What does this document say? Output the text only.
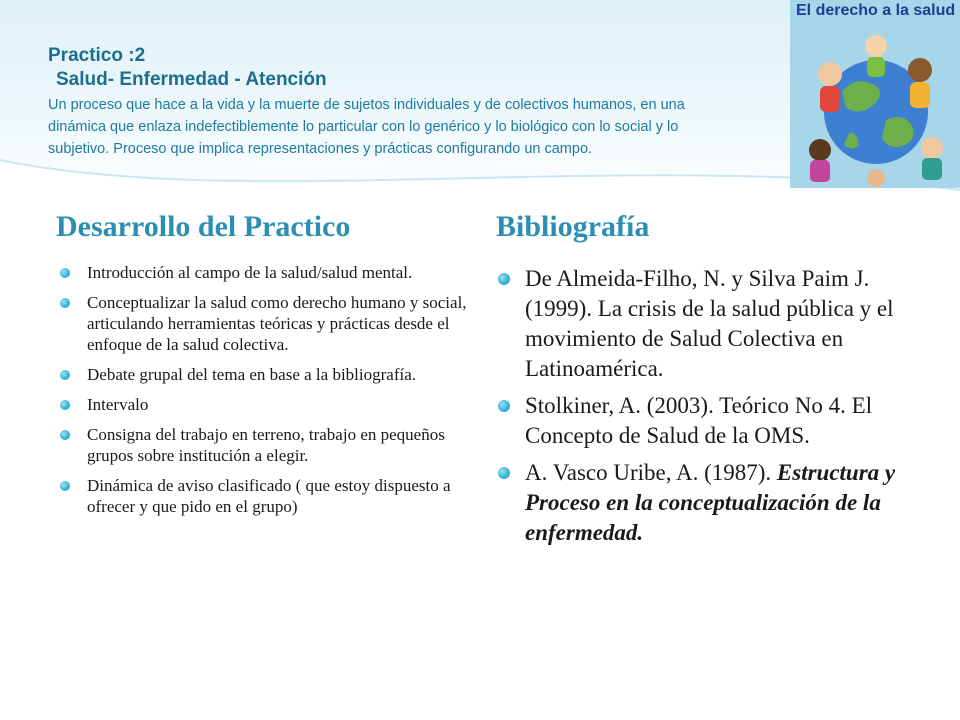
Practico :2
Salud- Enfermedad - Atención
Un proceso que hace a la vida y la muerte de sujetos individuales y de colectivos humanos, en una dinámica que enlaza indefectiblemente lo particular con lo genérico y lo biológico con lo social y lo subjetivo. Proceso que implica representaciones y prácticas configurando un campo.
El derecho a la salud
Desarrollo del Practico	Bibliografía
Introducción al campo de la salud/salud mental.
Conceptualizar la salud como derecho humano y social, articulando herramientas teóricas y prácticas desde el enfoque de la salud colectiva.
Debate grupal del tema en base a la bibliografía.
Intervalo
Consigna del trabajo en terreno, trabajo en pequeños grupos sobre institución a elegir.
Dinámica de aviso clasificado ( que estoy dispuesto a ofrecer y que pido en el grupo)
De Almeida-Filho, N. y Silva Paim J. (1999). La crisis de la salud pública y el movimiento de Salud Colectiva en Latinoamérica.
Stolkiner, A. (2003). Teórico No 4. El Concepto de Salud de la OMS.
A. Vasco Uribe, A. (1987). Estructura y Proceso en la conceptualización de la enfermedad.
